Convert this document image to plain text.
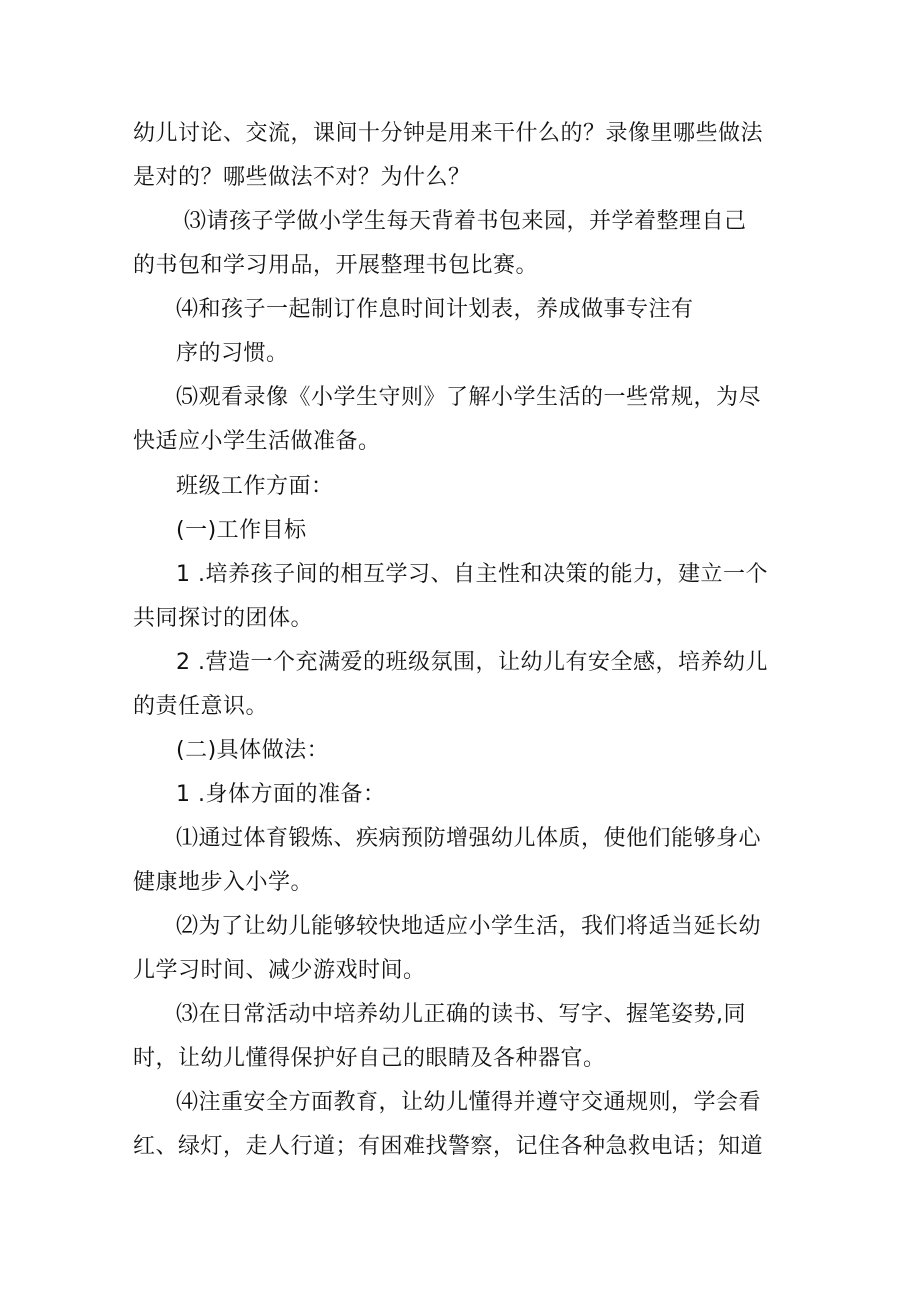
幼儿讨论、交流，课间十分钟是用来干什么的？录像里哪些做法
是对的？哪些做法不对？为什么？
⑶请孩子学做小学生每天背着书包来园，并学着整理自己
的书包和学习用品，开展整理书包比赛。
⑷和孩子一起制订作息时间计划表，养成做事专注有
序的习惯。
⑸观看录像《小学生守则》了解小学生活的一些常规，为尽
快适应小学生活做准备。
班级工作方面：
(一)工作目标
1 .培养孩子间的相互学习、自主性和决策的能力，建立一个
共同探讨的团体。
2 .营造一个充满爱的班级氛围，让幼儿有安全感，培养幼儿
的责任意识。
(二)具体做法：
1 .身体方面的准备：
⑴通过体育锻炼、疾病预防增强幼儿体质，使他们能够身心
健康地步入小学。
⑵为了让幼儿能够较快地适应小学生活，我们将适当延长幼
儿学习时间、减少游戏时间。
⑶在日常活动中培养幼儿正确的读书、写字、握笔姿势,同
时，让幼儿懂得保护好自己的眼睛及各种器官。
⑷注重安全方面教育，让幼儿懂得并遵守交通规则，学会看
红、绿灯，走人行道；有困难找警察，记住各种急救电话；知道
